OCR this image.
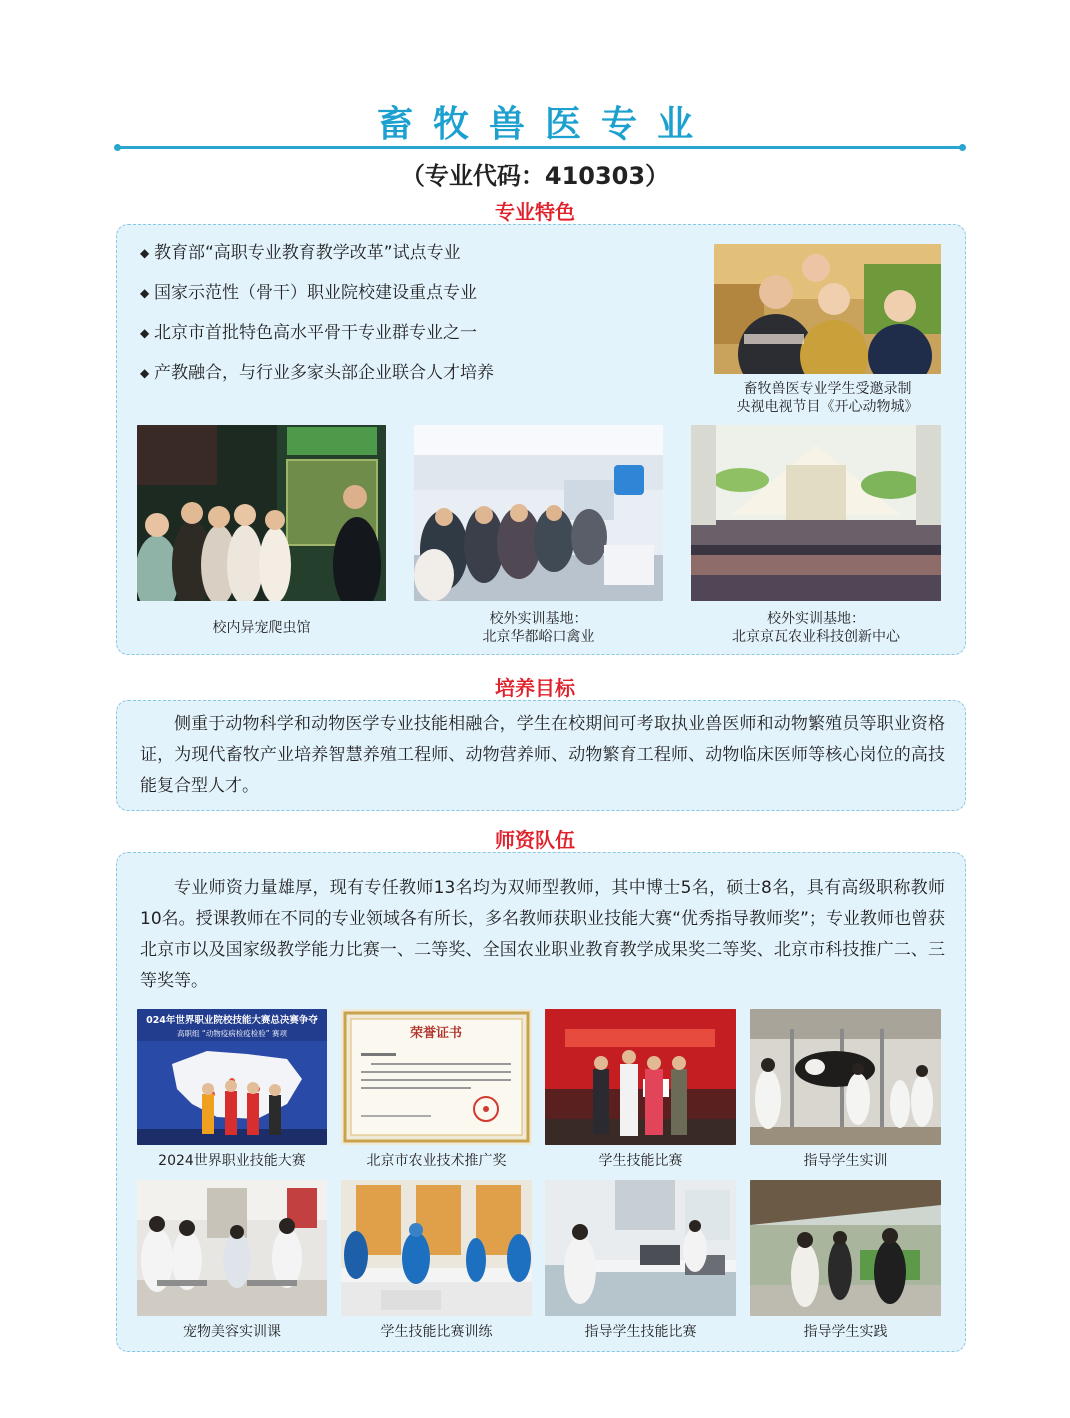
畜牧兽医专业
（专业代码：410303）
专业特色
◆ 教育部“高职专业教育教学改革”试点专业
◆ 国家示范性（骨干）职业院校建设重点专业
◆ 北京市首批特色高水平骨干专业群专业之一
◆ 产教融合，与行业多家头部企业联合人才培养
畜牧兽医专业学生受邀录制
央视电视节目《开心动物城》
校内异宠爬虫馆
校外实训基地：
北京华都峪口禽业
校外实训基地：
北京京瓦农业科技创新中心
培养目标
侧重于动物科学和动物医学专业技能相融合，学生在校期间可考取执业兽医师和动物繁殖员等职业资格证，为现代畜牧产业培养智慧养殖工程师、动物营养师、动物繁育工程师、动物临床医师等核心岗位的高技能复合型人才。
师资队伍
专业师资力量雄厚，现有专任教师13名均为双师型教师，其中博士5名，硕士8名，具有高级职称教师10名。授课教师在不同的专业领域各有所长，多名教师获职业技能大赛“优秀指导教师奖”；专业教师也曾获北京市以及国家级教学能力比赛一、二等奖、全国农业职业教育教学成果奖二等奖、北京市科技推广二、三等奖等。
024年世界职业院校技能大赛总决赛争夺
高职组 “动物疫病检疫检验” 赛项
2024世界职业技能大赛
荣誉证书
北京市农业技术推广奖	学生技能比赛	指导学生实训
宠物美容实训课	学生技能比赛训练	指导学生技能比赛	指导学生实践
